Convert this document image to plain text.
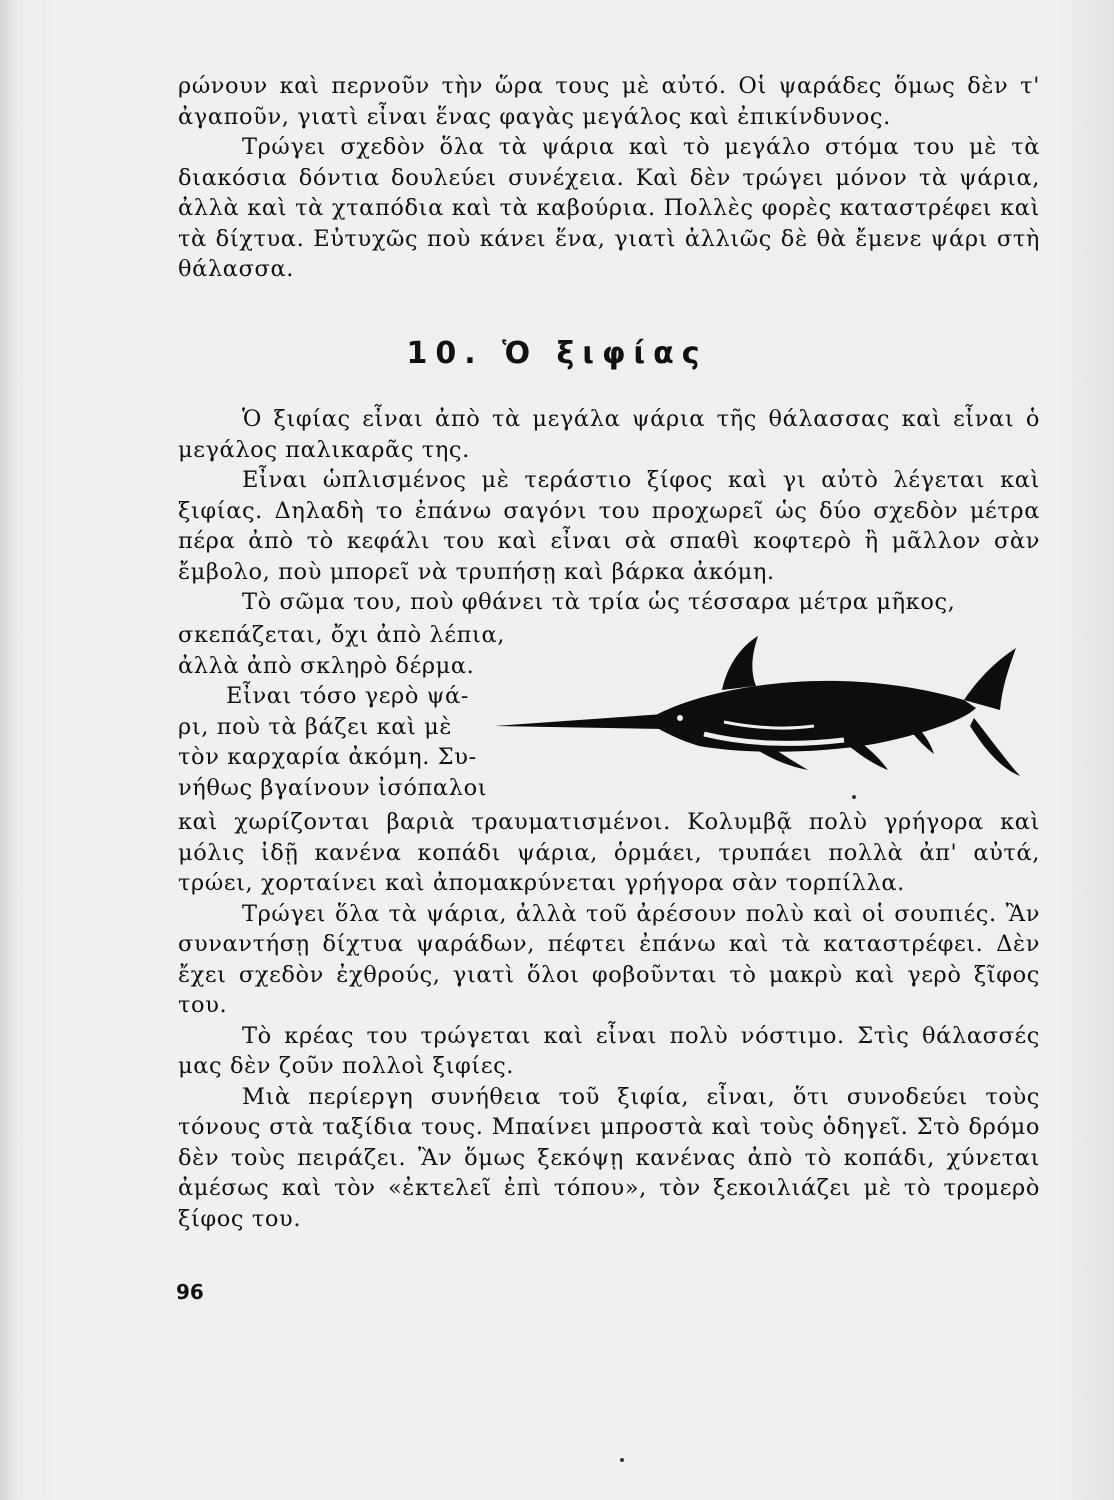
ρώνουν καὶ περνοῦν τὴν ὥρα τους μὲ αὐτό. Οἱ ψαράδες ὅμως δὲν τ' ἀγαποῦν, γιατὶ εἶναι ἕνας φαγὰς μεγάλος καὶ ἐπικίνδυνος.

Τρώγει σχεδὸν ὅλα τὰ ψάρια καὶ τὸ μεγάλο στόμα του μὲ τὰ διακόσια δόντια δουλεύει συνέχεια. Καὶ δὲν τρώγει μόνον τὰ ψάρια, ἀλλὰ καὶ τὰ χταπόδια καὶ τὰ καβούρια. Πολλὲς φορὲς καταστρέφει καὶ τὰ δίχτυα. Εὐτυχῶς ποὺ κάνει ἕνα, γιατὶ ἀλλιῶς δὲ θὰ ἔμενε ψάρι στὴ θάλασσα.

10. Ὁ ξιφίας

Ὁ ξιφίας εἶναι ἀπὸ τὰ μεγάλα ψάρια τῆς θάλασσας καὶ εἶναι ὁ μεγάλος παλικαρᾶς της.

Εἶναι ὡπλισμένος μὲ τεράστιο ξίφος καὶ γι αὐτὸ λέγεται καὶ ξιφίας. Δηλαδὴ το ἐπάνω σαγόνι του προχωρεῖ ὡς δύο σχεδὸν μέτρα πέρα ἀπὸ τὸ κεφάλι του καὶ εἶναι σὰ σπαθὶ κοφτερὸ ἢ μᾶλλον σὰν ἔμβολο, ποὺ μπορεῖ νὰ τρυπήσῃ καὶ βάρκα ἀκόμη.

Τὸ σῶμα του, ποὺ φθάνει τὰ τρία ὡς τέσσαρα μέτρα μῆκος,

σκεπάζεται, ὄχι ἀπὸ λέπια,
ἀλλὰ ἀπὸ σκληρὸ δέρμα.
Εἶναι τόσο γερὸ ψά-
ρι, ποὺ τὰ βάζει καὶ μὲ
τὸν καρχαρία ἀκόμη. Συ-
νήθως βγαίνουν ἰσόπαλοι

καὶ χωρίζονται βαριὰ τραυματισμένοι. Κολυμβᾷ πολὺ γρήγορα καὶ μόλις ἰδῇ κανένα κοπάδι ψάρια, ὁρμάει, τρυπάει πολλὰ ἀπ' αὐτά, τρώει, χορταίνει καὶ ἀπομακρύνεται γρήγορα σὰν τορπίλλα.

Τρώγει ὅλα τὰ ψάρια, ἀλλὰ τοῦ ἀρέσουν πολὺ καὶ οἱ σουπιές. Ἂν συναντήσῃ δίχτυα ψαράδων, πέφτει ἐπάνω καὶ τὰ καταστρέφει. Δὲν ἔχει σχεδὸν ἐχθρούς, γιατὶ ὅλοι φοβοῦνται τὸ μακρὺ καὶ γερὸ ξῖφος του.

Τὸ κρέας του τρώγεται καὶ εἶναι πολὺ νόστιμο. Στὶς θάλασσές μας δὲν ζοῦν πολλοὶ ξιφίες.

Μιὰ περίεργη συνήθεια τοῦ ξιφία, εἶναι, ὅτι συνοδεύει τοὺς τόνους στὰ ταξίδια τους. Μπαίνει μπροστὰ καὶ τοὺς ὁδηγεῖ. Στὸ δρόμο δὲν τοὺς πειράζει. Ἂν ὅμως ξεκόψῃ κανένας ἀπὸ τὸ κοπάδι, χύνεται ἀμέσως καὶ τὸν «ἐκτελεῖ ἐπὶ τόπου», τὸν ξεκοιλιάζει μὲ τὸ τρομερὸ ξίφος του.

96
